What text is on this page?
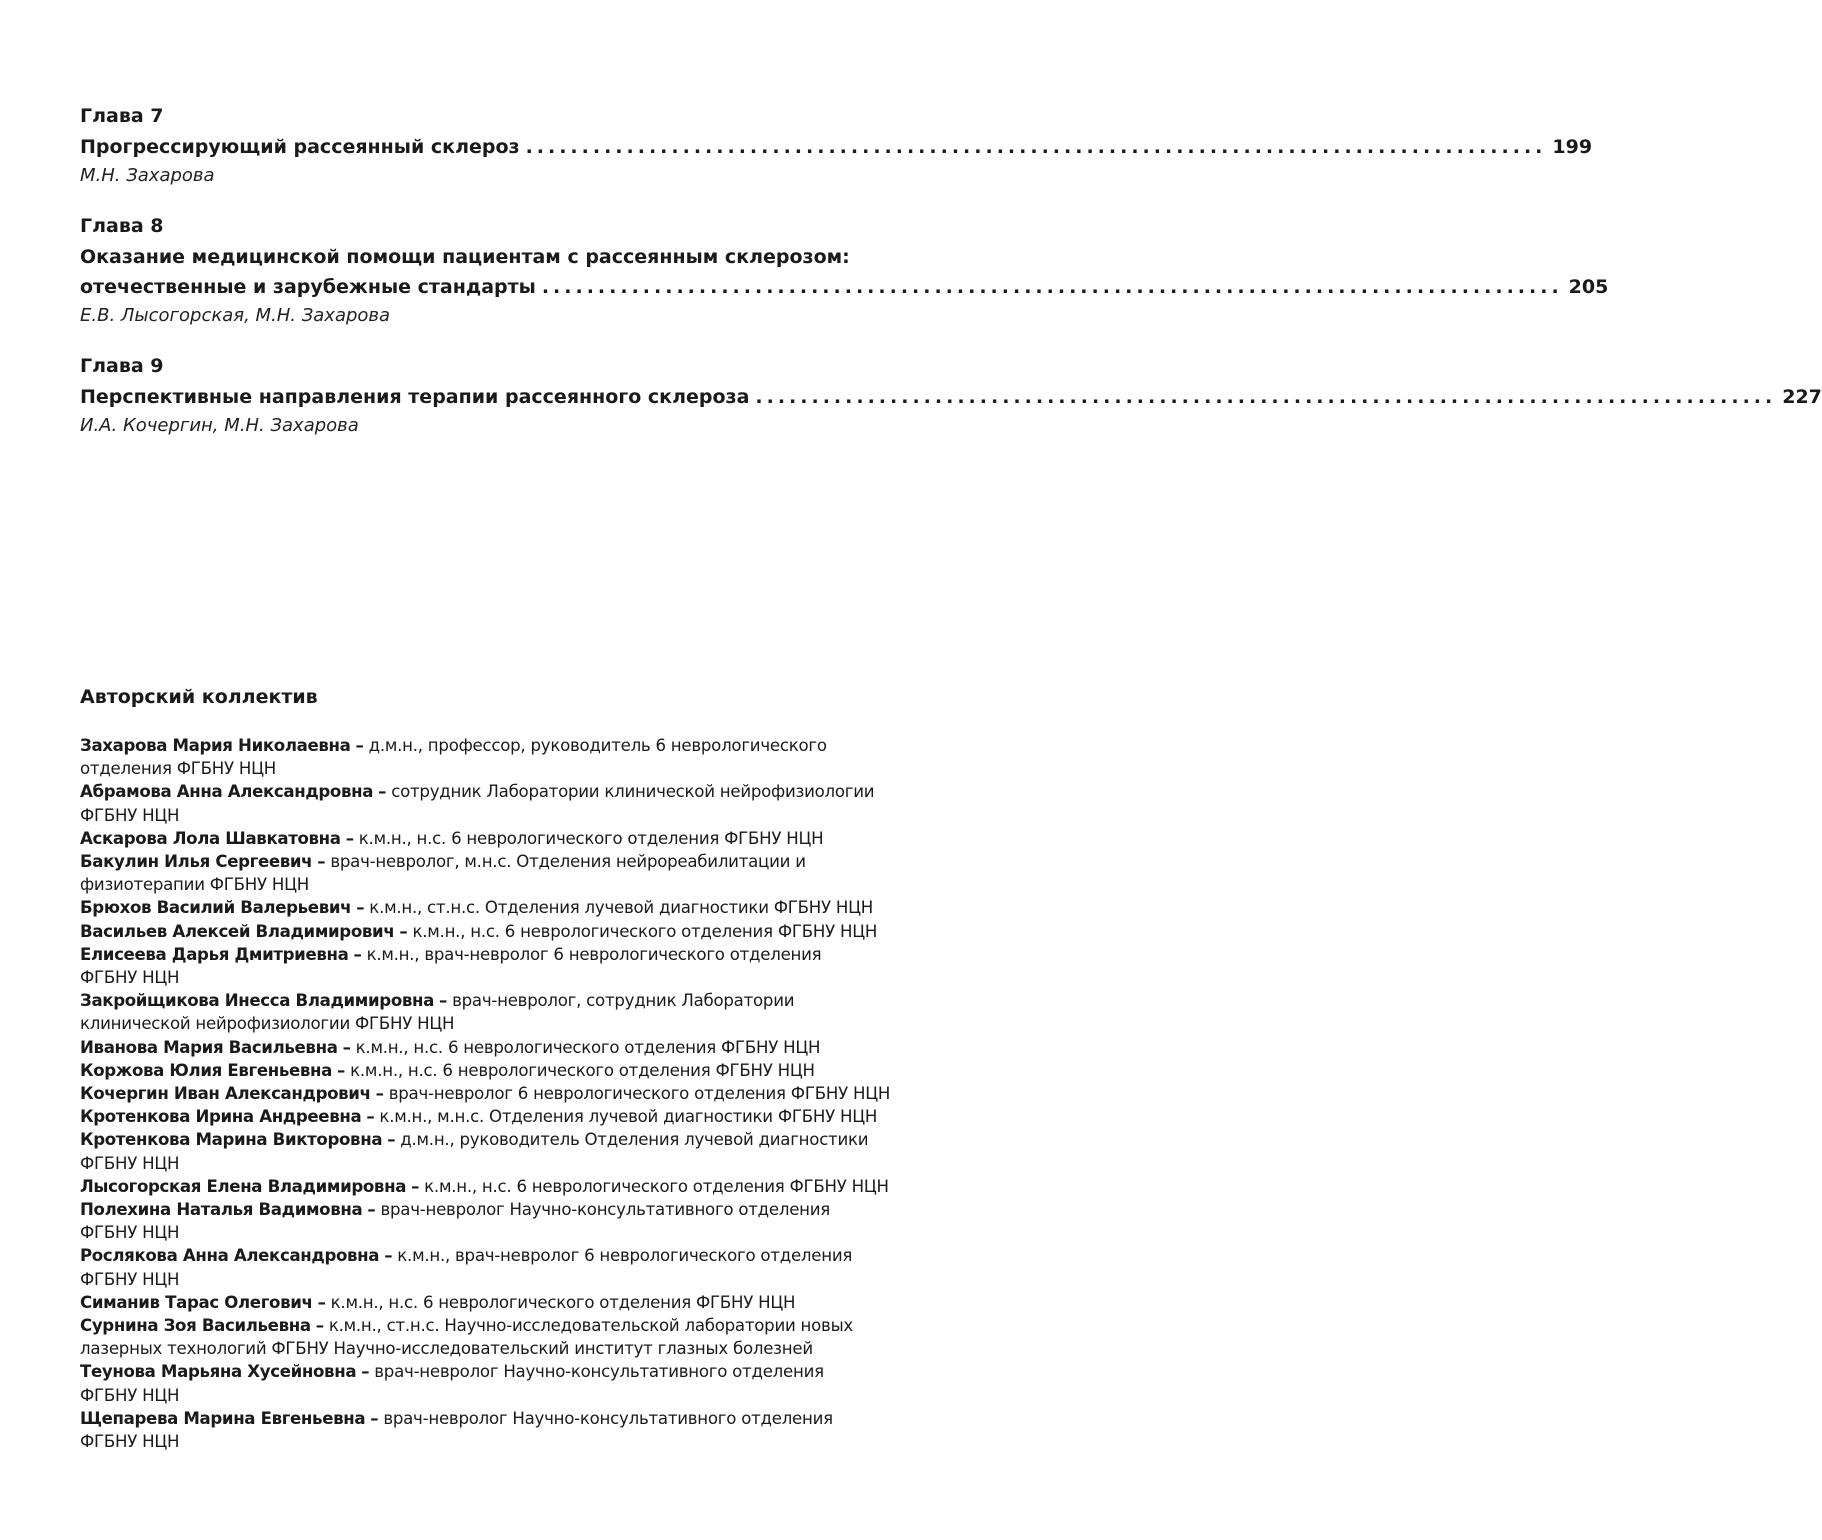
Глава 7
Прогрессирующий рассеянный склероз ........................................................................................... 199
М.Н. Захарова
Глава 8
Оказание медицинской помощи пациентам с рассеянным склерозом:
отечественные и зарубежные стандарты ........................................................................................... 205
Е.В. Лысогорская, М.Н. Захарова
Глава 9
Перспективные направления терапии рассеянного склероза ........................................................................................... 227
И.А. Кочергин, М.Н. Захарова
Авторский коллектив
Захарова Мария Николаевна – д.м.н., профессор, руководитель 6 неврологического
отделения ФГБНУ НЦН
Абрамова Анна Александровна – сотрудник Лаборатории клинической нейрофизиологии
ФГБНУ НЦН
Аскарова Лола Шавкатовна – к.м.н., н.с. 6 неврологического отделения ФГБНУ НЦН
Бакулин Илья Сергеевич – врач-невролог, м.н.с. Отделения нейрореабилитации и
физиотерапии ФГБНУ НЦН
Брюхов Василий Валерьевич – к.м.н., ст.н.с. Отделения лучевой диагностики ФГБНУ НЦН
Васильев Алексей Владимирович – к.м.н., н.с. 6 неврологического отделения ФГБНУ НЦН
Елисеева Дарья Дмитриевна – к.м.н., врач-невролог 6 неврологического отделения
ФГБНУ НЦН
Закройщикова Инесса Владимировна – врач-невролог, сотрудник Лаборатории
клинической нейрофизиологии ФГБНУ НЦН
Иванова Мария Васильевна – к.м.н., н.с. 6 неврологического отделения ФГБНУ НЦН
Коржова Юлия Евгеньевна – к.м.н., н.с. 6 неврологического отделения ФГБНУ НЦН
Кочергин Иван Александрович – врач-невролог 6 неврологического отделения ФГБНУ НЦН
Кротенкова Ирина Андреевна – к.м.н., м.н.с. Отделения лучевой диагностики ФГБНУ НЦН
Кротенкова Марина Викторовна – д.м.н., руководитель Отделения лучевой диагностики
ФГБНУ НЦН
Лысогорская Елена Владимировна – к.м.н., н.с. 6 неврологического отделения ФГБНУ НЦН
Полехина Наталья Вадимовна – врач-невролог Научно-консультативного отделения
ФГБНУ НЦН
Рослякова Анна Александровна – к.м.н., врач-невролог 6 неврологического отделения
ФГБНУ НЦН
Симанив Тарас Олегович – к.м.н., н.с. 6 неврологического отделения ФГБНУ НЦН
Сурнина Зоя Васильевна – к.м.н., ст.н.с. Научно-исследовательской лаборатории новых
лазерных технологий ФГБНУ Научно-исследовательский институт глазных болезней
Теунова Марьяна Хусейновна – врач-невролог Научно-консультативного отделения
ФГБНУ НЦН
Щепарева Марина Евгеньевна – врач-невролог Научно-консультативного отделения
ФГБНУ НЦН
